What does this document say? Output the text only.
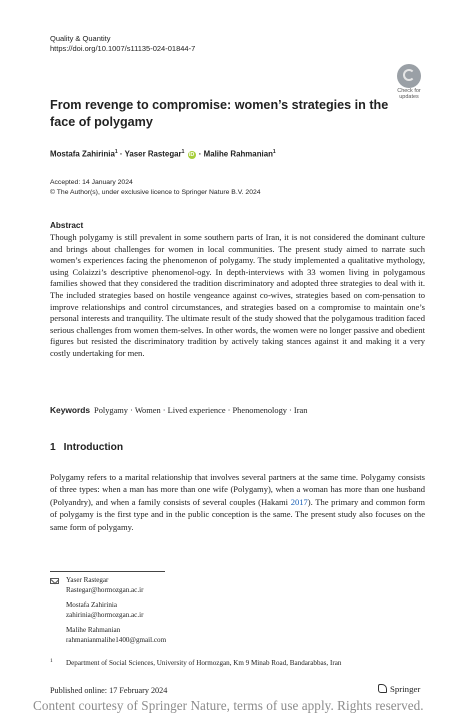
Quality & Quantity
https://doi.org/10.1007/s11135-024-01844-7
Check for
updates
From revenge to compromise: women’s strategies in the face of polygamy
Mostafa Zahirinia$^1$ · Yaser Rastegar$^1$ iD · Malihe Rahmanian$^1$
Accepted: 14 January 2024
© The Author(s), under exclusive licence to Springer Nature B.V. 2024
Abstract
Though polygamy is still prevalent in some southern parts of Iran, it is not considered the dominant culture and brings about challenges for women in local communities. The present study aimed to narrate such women’s experiences facing the phenomenon of polygamy. The study implemented a qualitative mythology, using Colaizzi’s descriptive phenomenol-ogy. In depth-interviews with 33 women living in polygamous families showed that they considered the tradition discriminatory and adopted three strategies to deal with it. The included strategies based on hostile vengeance against co-wives, strategies based on com-pensation to improve relationships and control circumstances, and strategies based on a compromise to maintain one’s personal interests and tranquility. The ultimate result of the study showed that the polygamous tradition faced serious challenges from women them-selves. In other words, the women were no longer passive and obedient figures but resisted the discriminatory tradition by actively taking stances against it and making it a very costly undertaking for men.
Keywords Polygamy · Women · Lived experience · Phenomenology · Iran
1 Introduction
Polygamy refers to a marital relationship that involves several partners at the same time. Polygamy consists of three types: when a man has more than one wife (Polygamy), when a woman has more than one husband (Polyandry), and when a family consists of several couples (Hakami 2017). The primary and common form of polygamy is the first type and in the public conception is the same. The present study also focuses on the same form of polygamy.
Yaser Rastegar
Rastegar@hormozgan.ac.ir
Mostafa Zahirinia
zahirinia@hormozgan.ac.ir
Malihe Rahmanian
rahmanianmalihe1400@gmail.com
1 Department of Social Sciences, University of Hormozgan, Km 9 Minab Road, Bandarabbas, Iran
Published online: 17 February 2024	Springer
Content courtesy of Springer Nature, terms of use apply. Rights reserved.
